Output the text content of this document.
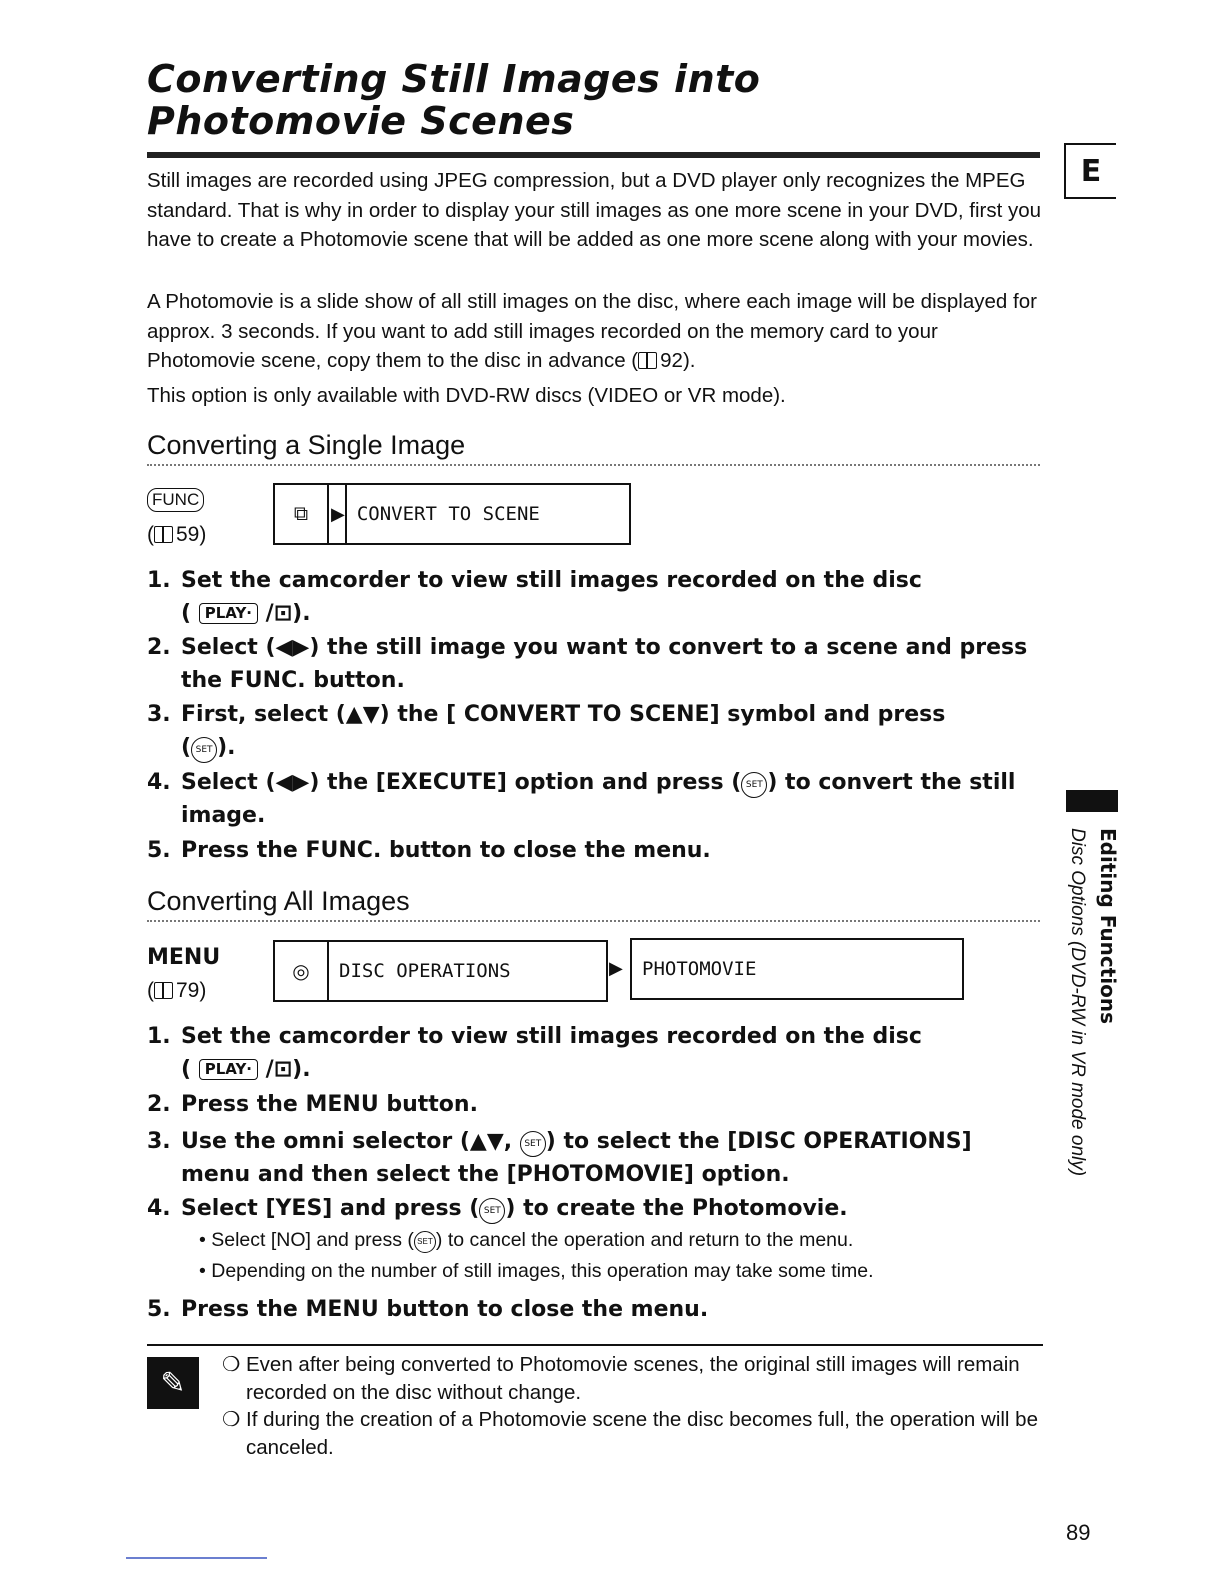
Converting Still Images into
Photomovie Scenes
Still images are recorded using JPEG compression, but a DVD player only recognizes the MPEG standard. That is why in order to display your still images as one more scene in your DVD, first you have to create a Photomovie scene that will be added as one more scene along with your movies.
A Photomovie is a slide show of all still images on the disc, where each image will be displayed for approx. 3 seconds. If you want to add still images recorded on the memory card to your Photomovie scene, copy them to the disc in advance ( 92).
This option is only available with DVD-RW discs (VIDEO or VR mode).
Converting a Single Image
FUNC
( 59)
⧉	▶ CONVERT TO SCENE
1. Set the camcorder to view still images recorded on the disc
( PLAY· /⊡).
2. Select (◀▶) the still image you want to convert to a scene and press the FUNC. button.
3. First, select (▲▼) the [ CONVERT TO SCENE] symbol and press
( SET ).
4. Select (◀▶) the [EXECUTE] option and press ( SET ) to convert the still image.
5. Press the FUNC. button to close the menu.
Converting All Images
MENU
( 79)
◎	DISC OPERATIONS	▶	PHOTOMOVIE
1. Set the camcorder to view still images recorded on the disc
( PLAY· /⊡).
2. Press the MENU button.
3. Use the omni selector (▲▼, SET ) to select the [DISC OPERATIONS] menu and then select the [PHOTOMOVIE] option.
4. Select [YES] and press ( SET ) to create the Photomovie.
• Select [NO] and press ( SET ) to cancel the operation and return to the menu.
• Depending on the number of still images, this operation may take some time.
5. Press the MENU button to close the menu.
✎
❍ Even after being converted to Photomovie scenes, the original still images will remain recorded on the disc without change.
❍ If during the creation of a Photomovie scene the disc becomes full, the operation will be canceled.
E
Editing Functions
Disc Options (DVD-RW in VR mode only)
89
